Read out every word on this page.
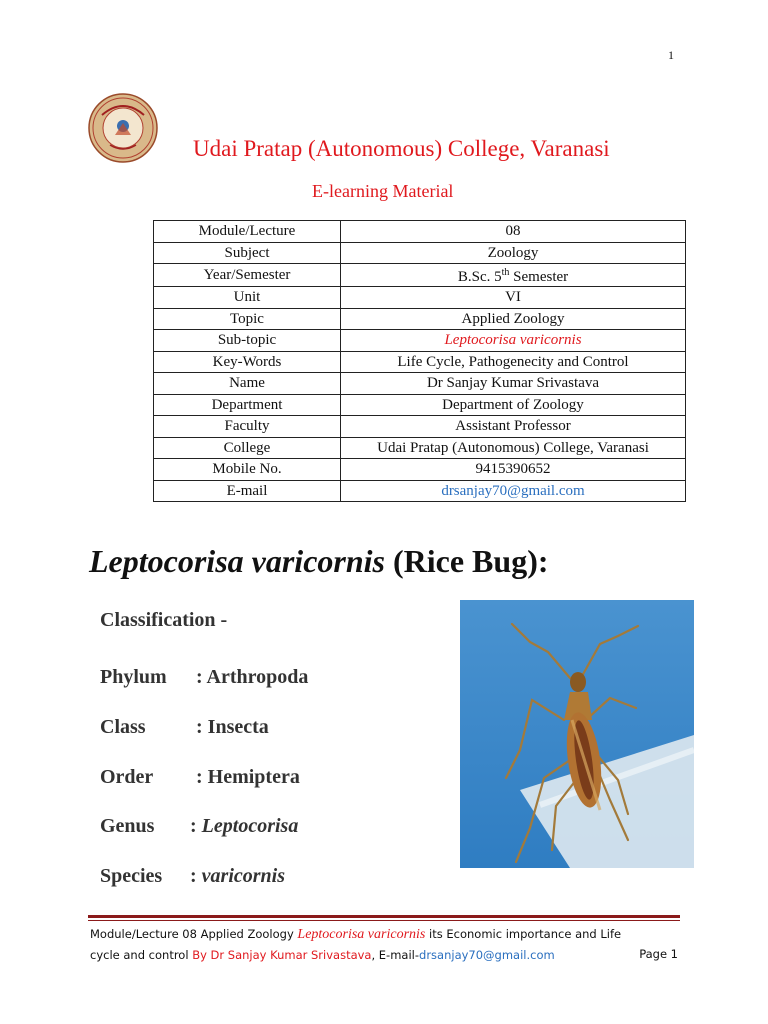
1
Udai Pratap (Autonomous) College, Varanasi
E-learning Material
Module/Lecture	08
Subject	Zoology
Year/Semester	B.Sc. 5th Semester
Unit	VI
Topic	Applied Zoology
Sub-topic	Leptocorisa varicornis
Key-Words	Life Cycle, Pathogenecity and Control
Name	Dr Sanjay Kumar Srivastava
Department	Department of Zoology
Faculty	Assistant Professor
College	Udai Pratap (Autonomous) College, Varanasi
Mobile No.	9415390652
E-mail	drsanjay70@gmail.com
Leptocorisa varicornis (Rice Bug):
Classification -
Phylum : Arthropoda
Class	: Insecta
Order : Hemiptera
Genus : Leptocorisa
Species : varicornis
Module/Lecture 08 Applied Zoology Leptocorisa varicornis its Economic importance and Life
cycle and control By Dr Sanjay Kumar Srivastava, E-mail-drsanjay70@gmail.com	Page 1
